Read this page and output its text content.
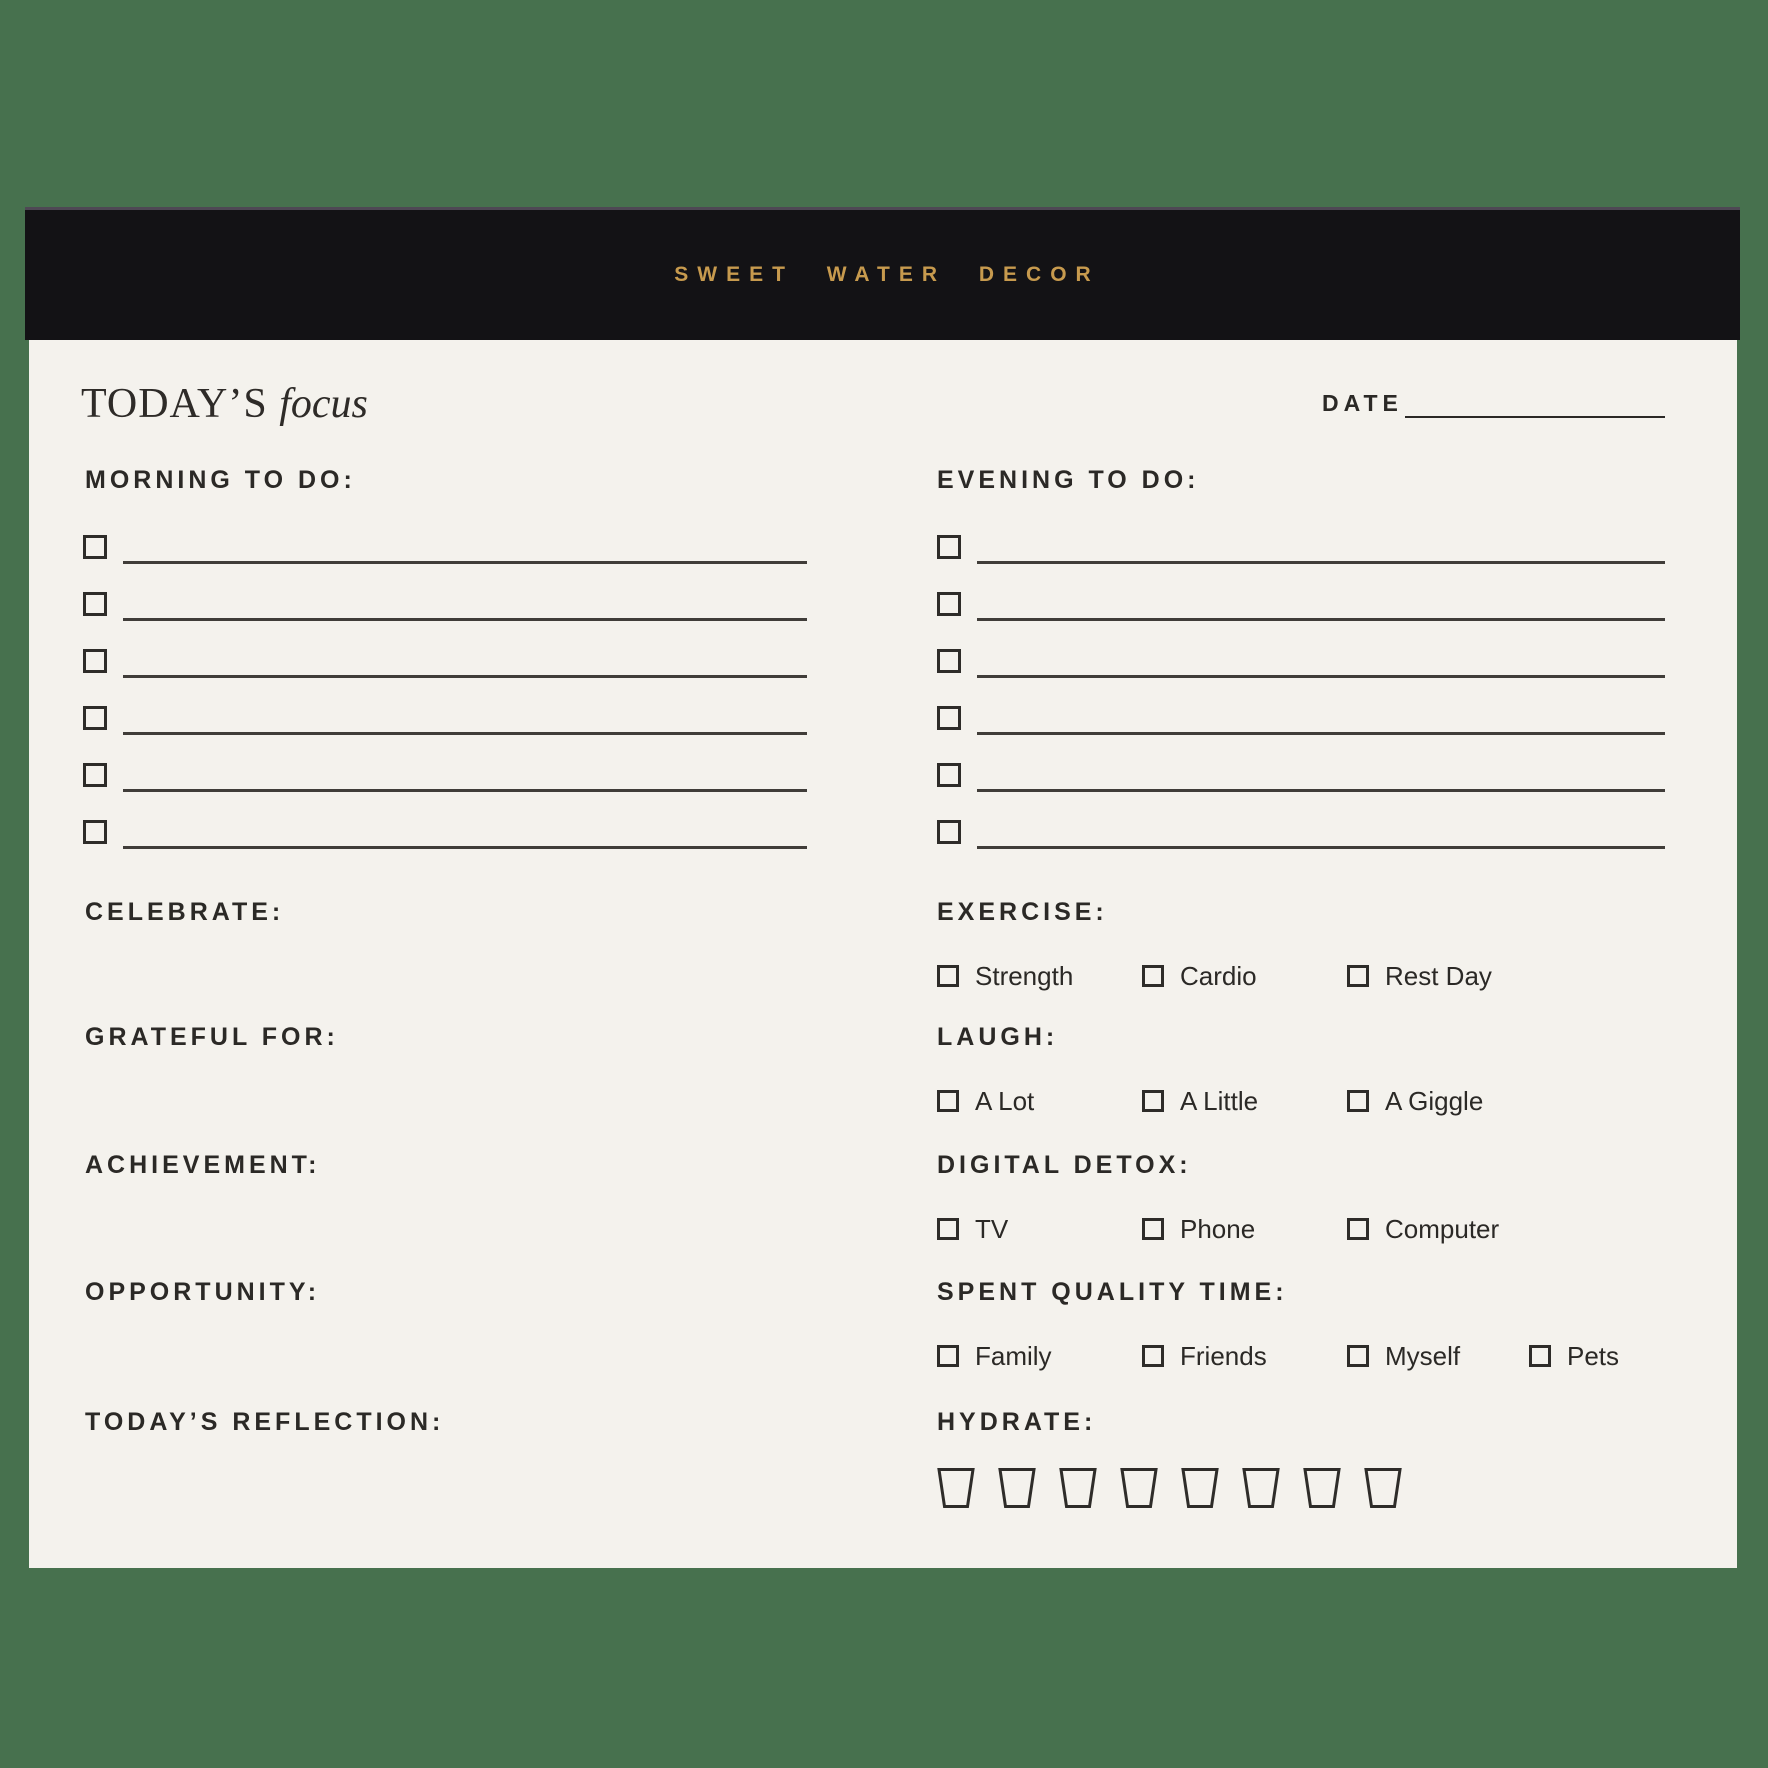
SWEET WATER DECOR
TODAY’S focus	DATE
MORNING TO DO:	EVENING TO DO:
CELEBRATE:
GRATEFUL FOR:
ACHIEVEMENT:
OPPORTUNITY:
TODAY’S REFLECTION:
EXERCISE:
LAUGH:
DIGITAL DETOX:
SPENT QUALITY TIME:
HYDRATE:
Strength	Cardio	Rest Day
A Lot	A Little	A Giggle
TV	Phone	Computer
Family	Friends	Myself	Pets
